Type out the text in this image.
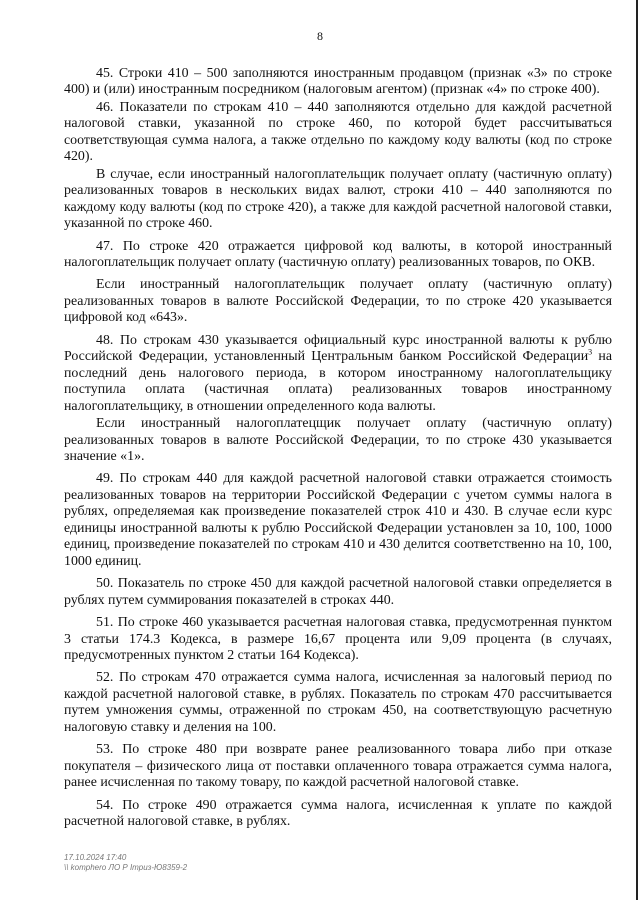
8

45. Строки 410 – 500 заполняются иностранным продавцом (признак «3» по строке 400) и (или) иностранным посредником (налоговым агентом) (признак «4» по строке 400).

46. Показатели по строкам 410 – 440 заполняются отдельно для каждой расчетной налоговой ставки, указанной по строке 460, по которой будет рассчитываться соответствующая сумма налога, а также отдельно по каждому коду валюты (код по строке 420).

В случае, если иностранный налогоплательщик получает оплату (частичную оплату) реализованных товаров в нескольких видах валют, строки 410 – 440 заполняются по каждому коду валюты (код по строке 420), а также для каждой расчетной налоговой ставки, указанной по строке 460.

47. По строке 420 отражается цифровой код валюты, в которой иностранный налогоплательщик получает оплату (частичную оплату) реализованных товаров, по ОКВ.

Если иностранный налогоплательщик получает оплату (частичную оплату) реализованных товаров в валюте Российской Федерации, то по строке 420 указывается цифровой код «643».

48. По строкам 430 указывается официальный курс иностранной валюты к рублю Российской Федерации, установленный Центральным банком Российской Федерации$^3$ на последний день налогового периода, в котором иностранному налогоплательщику поступила оплата (частичная оплата) реализованных товаров иностранному налогоплательщику, в отношении определенного кода валюты.

Если иностранный налогоплатецщик получает оплату (частичную оплату) реализованных товаров в валюте Российской Федерации, то по строке 430 указывается значение «1».

49. По строкам 440 для каждой расчетной налоговой ставки отражается стоимость реализованных товаров на территории Российской Федерации с учетом суммы налога в рублях, определяемая как произведение показателей строк 410 и 430. В случае если курс единицы иностранной валюты к рублю Российской Федерации установлен за 10, 100, 1000 единиц, произведение показателей по строкам 410 и 430 делится соответственно на 10, 100, 1000 единиц.

50. Показатель по строке 450 для каждой расчетной налоговой ставки определяется в рублях путем суммирования показателей в строках 440.

51. По строке 460 указывается расчетная налоговая ставка, предусмотренная пунктом 3 статьи 174.3 Кодекса, в размере 16,67 процента или 9,09 процента (в случаях, предусмотренных пунктом 2 статьи 164 Кодекса).

52. По строкам 470 отражается сумма налога, исчисленная за налоговый период по каждой расчетной налоговой ставке, в рублях. Показатель по строкам 470 рассчитывается путем умножения суммы, отраженной по строкам 450, на соответствующую расчетную налоговую ставку и деления на 100.

53. По строке 480 при возврате ранее реализованного товара либо при отказе покупателя – физического лица от поставки оплаченного товара отражается сумма налога, ранее исчисленная по такому товару, по каждой расчетной налоговой ставке.

54. По строке 490 отражается сумма налога, исчисленная к уплате по каждой расчетной налоговой ставке, в рублях.

17.10.2024 17:40
\\ komphero ЛО Р Ітриз-Ю8359-2
